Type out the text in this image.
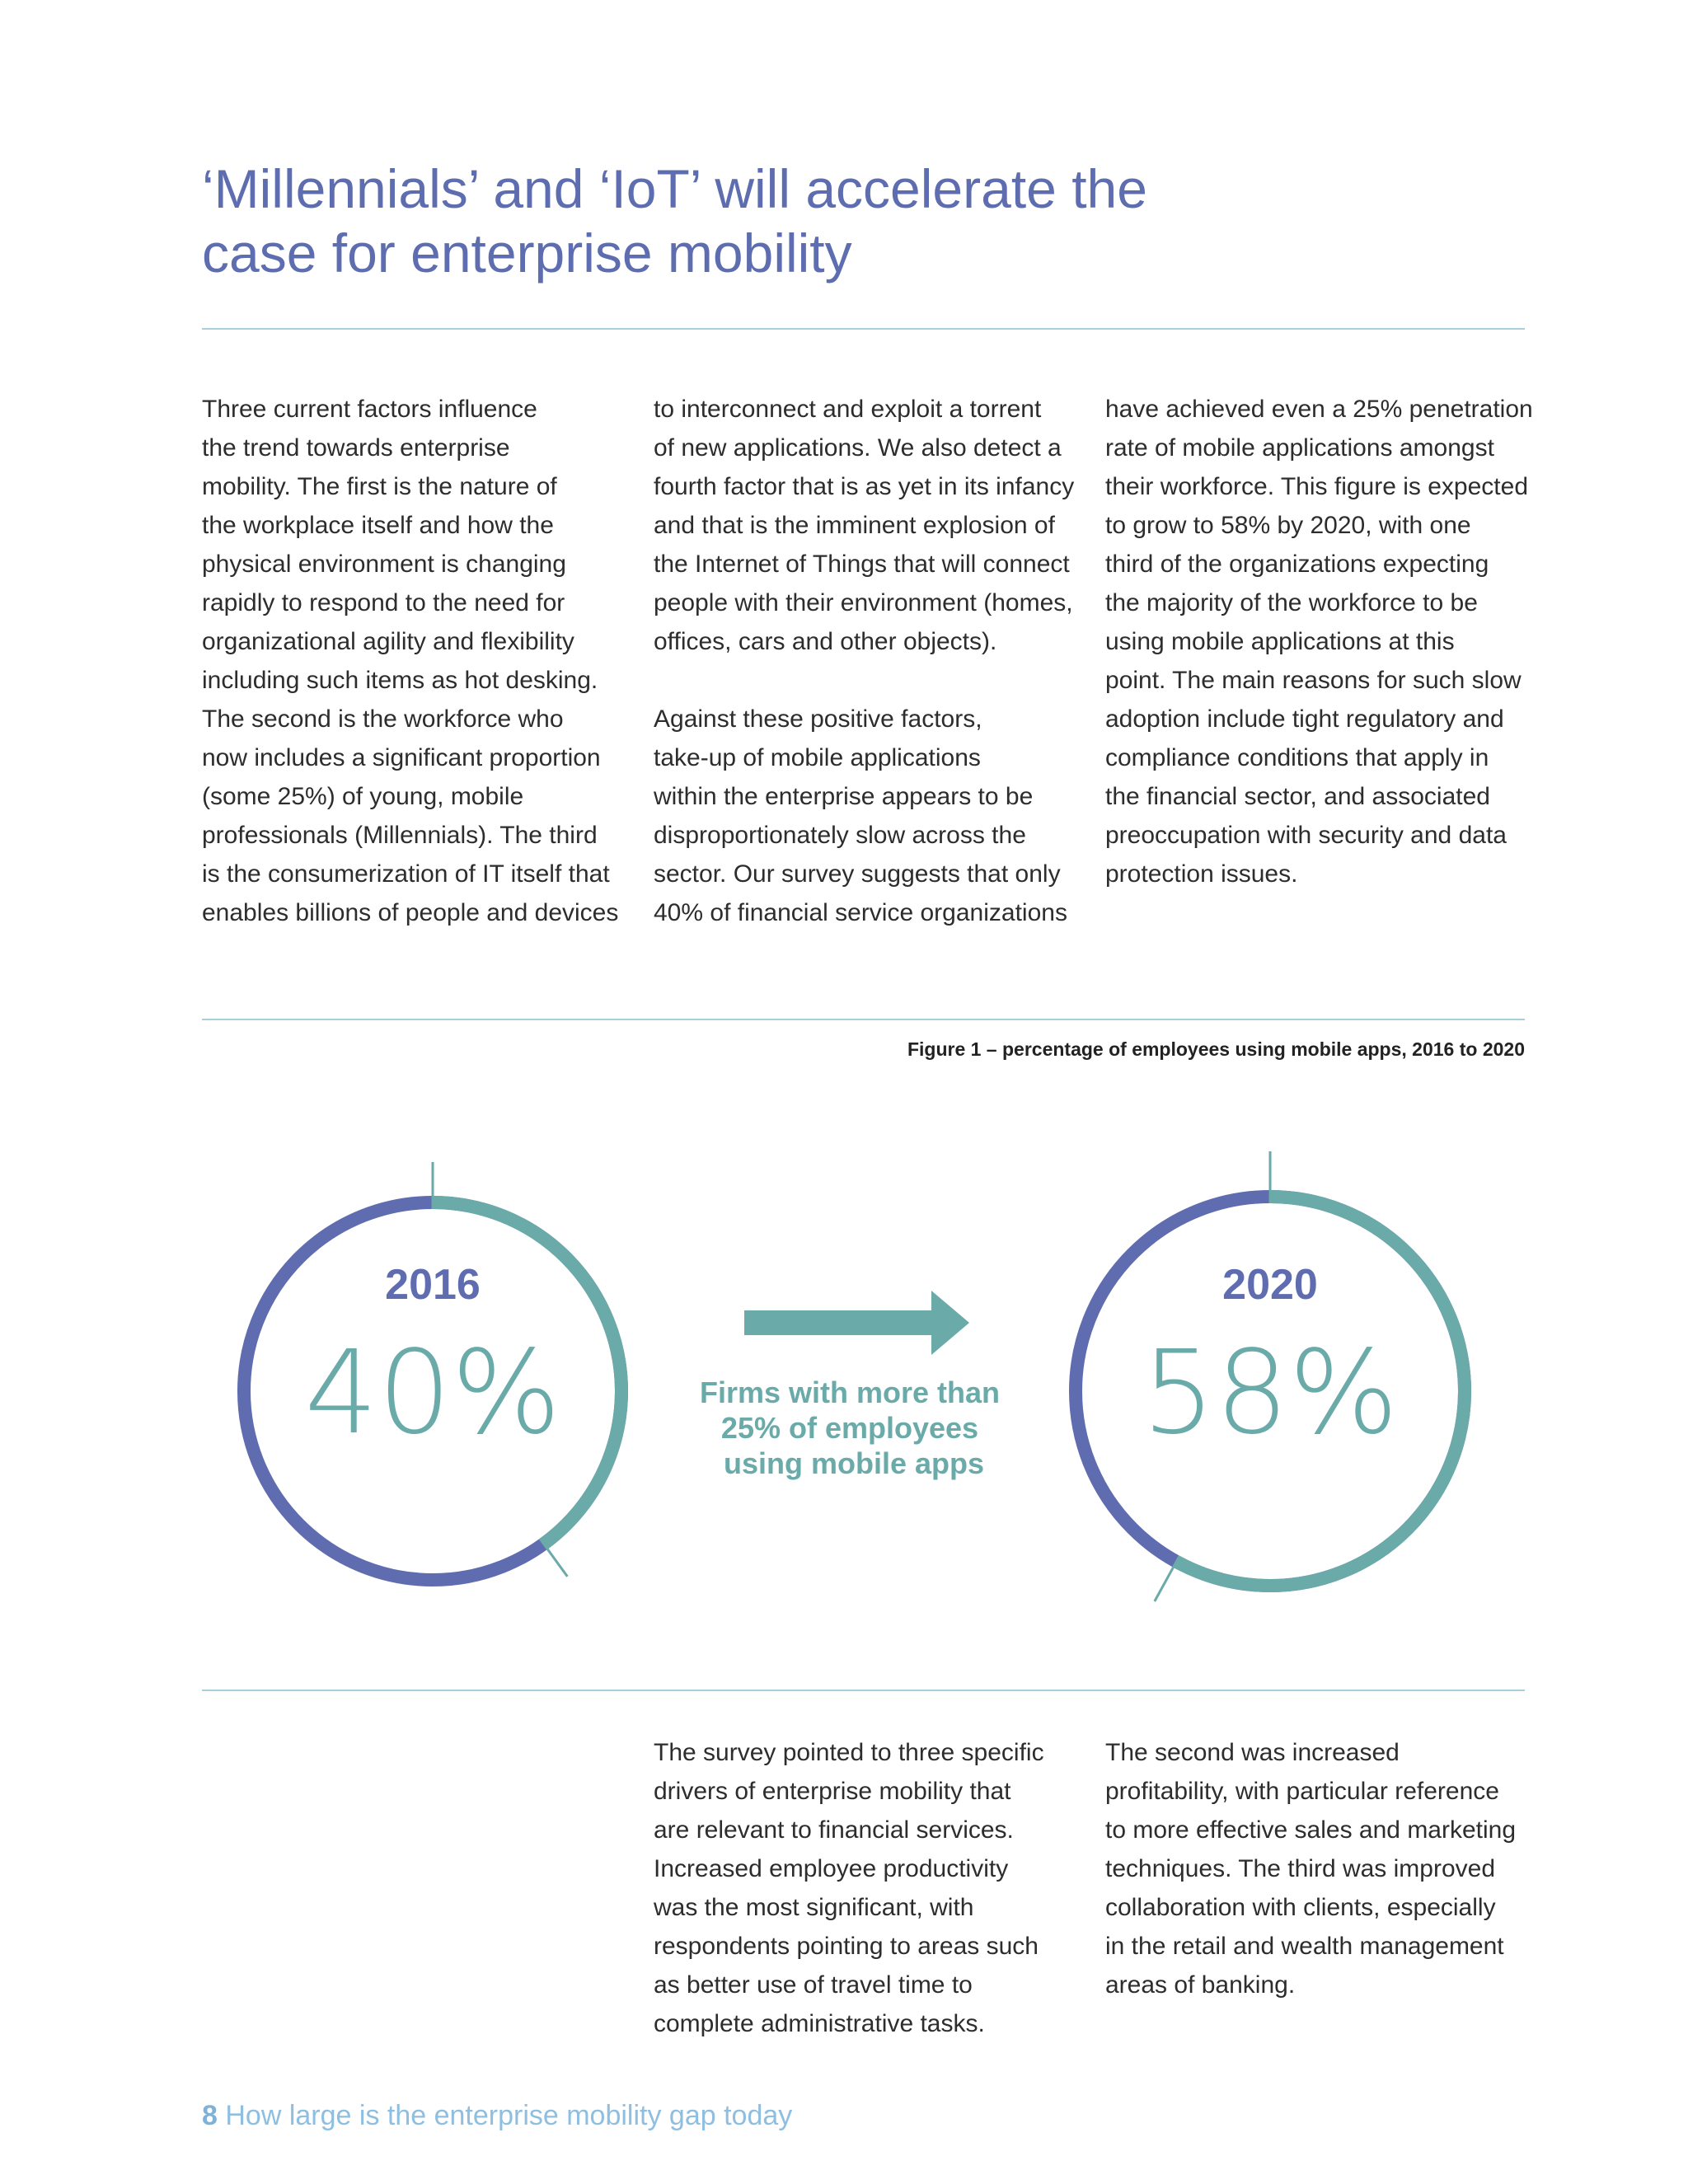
‘Millennials’ and ‘IoT’ will accelerate the
case for enterprise mobility
Three current factors influence
the trend towards enterprise
mobility. The first is the nature of
the workplace itself and how the
physical environment is changing
rapidly to respond to the need for
organizational agility and flexibility
including such items as hot desking.
The second is the workforce who
now includes a significant proportion
(some 25%) of young, mobile
professionals (Millennials). The third
is the consumerization of IT itself that
enables billions of people and devices
to interconnect and exploit a torrent
of new applications. We also detect a
fourth factor that is as yet in its infancy
and that is the imminent explosion of
the Internet of Things that will connect
people with their environment (homes,
offices, cars and other objects).
Against these positive factors,
take-up of mobile applications
within the enterprise appears to be
disproportionately slow across the
sector. Our survey suggests that only
40% of financial service organizations
have achieved even a 25% penetration
rate of mobile applications amongst
their workforce. This figure is expected
to grow to 58% by 2020, with one
third of the organizations expecting
the majority of the workforce to be
using mobile applications at this
point. The main reasons for such slow
adoption include tight regulatory and
compliance conditions that apply in
the financial sector, and associated
preoccupation with security and data
protection issues.
Figure 1 – percentage of employees using mobile apps, 2016 to 2020
2016
40%	Firms with more than 25% of employees using mobile apps
2020
58%
The survey pointed to three specific
drivers of enterprise mobility that
are relevant to financial services.
Increased employee productivity
was the most significant, with
respondents pointing to areas such
as better use of travel time to
complete administrative tasks.
The second was increased
profitability, with particular reference
to more effective sales and marketing
techniques. The third was improved
collaboration with clients, especially
in the retail and wealth management
areas of banking.
8 How large is the enterprise mobility gap today
